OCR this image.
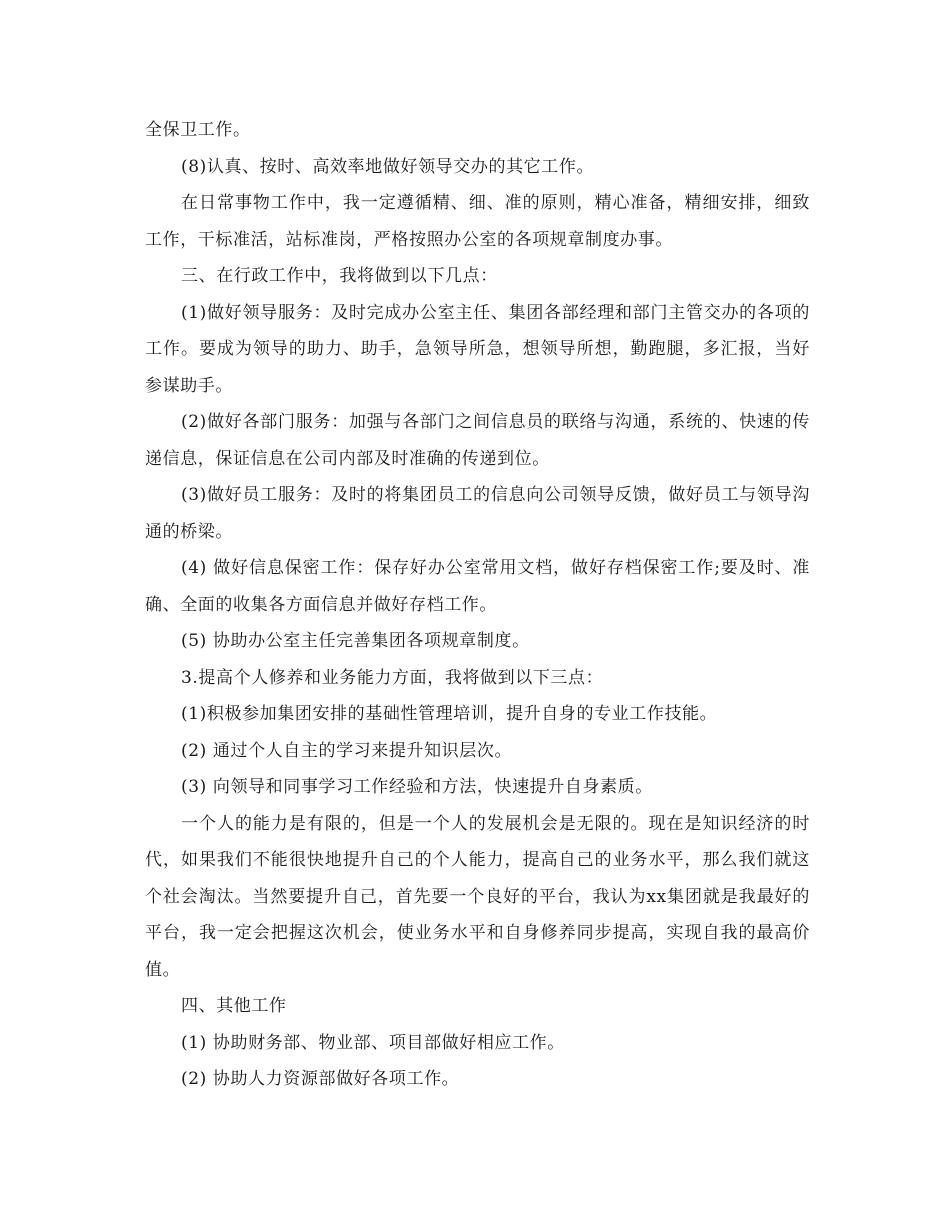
全保卫工作。

(8)认真、按时、高效率地做好领导交办的其它工作。

在日常事物工作中，我一定遵循精、细、准的原则，精心准备，精细安排，细致工作，干标准活，站标准岗，严格按照办公室的各项规章制度办事。

三、在行政工作中，我将做到以下几点：

(1)做好领导服务：及时完成办公室主任、集团各部经理和部门主管交办的各项的工作。要成为领导的助力、助手，急领导所急，想领导所想，勤跑腿，多汇报，当好参谋助手。

(2)做好各部门服务：加强与各部门之间信息员的联络与沟通，系统的、快速的传递信息，保证信息在公司内部及时准确的传递到位。

(3)做好员工服务：及时的将集团员工的信息向公司领导反馈，做好员工与领导沟通的桥梁。

(4) 做好信息保密工作：保存好办公室常用文档，做好存档保密工作;要及时、准确、全面的收集各方面信息并做好存档工作。

(5) 协助办公室主任完善集团各项规章制度。

3.提高个人修养和业务能力方面，我将做到以下三点：

(1)积极参加集团安排的基础性管理培训，提升自身的专业工作技能。

(2) 通过个人自主的学习来提升知识层次。

(3) 向领导和同事学习工作经验和方法，快速提升自身素质。

一个人的能力是有限的，但是一个人的发展机会是无限的。现在是知识经济的时代，如果我们不能很快地提升自己的个人能力，提高自己的业务水平，那么我们就这个社会淘汰。当然要提升自己，首先要一个良好的平台，我认为xx集团就是我最好的平台，我一定会把握这次机会，使业务水平和自身修养同步提高，实现自我的最高价值。

四、其他工作

(1) 协助财务部、物业部、项目部做好相应工作。

(2) 协助人力资源部做好各项工作。
